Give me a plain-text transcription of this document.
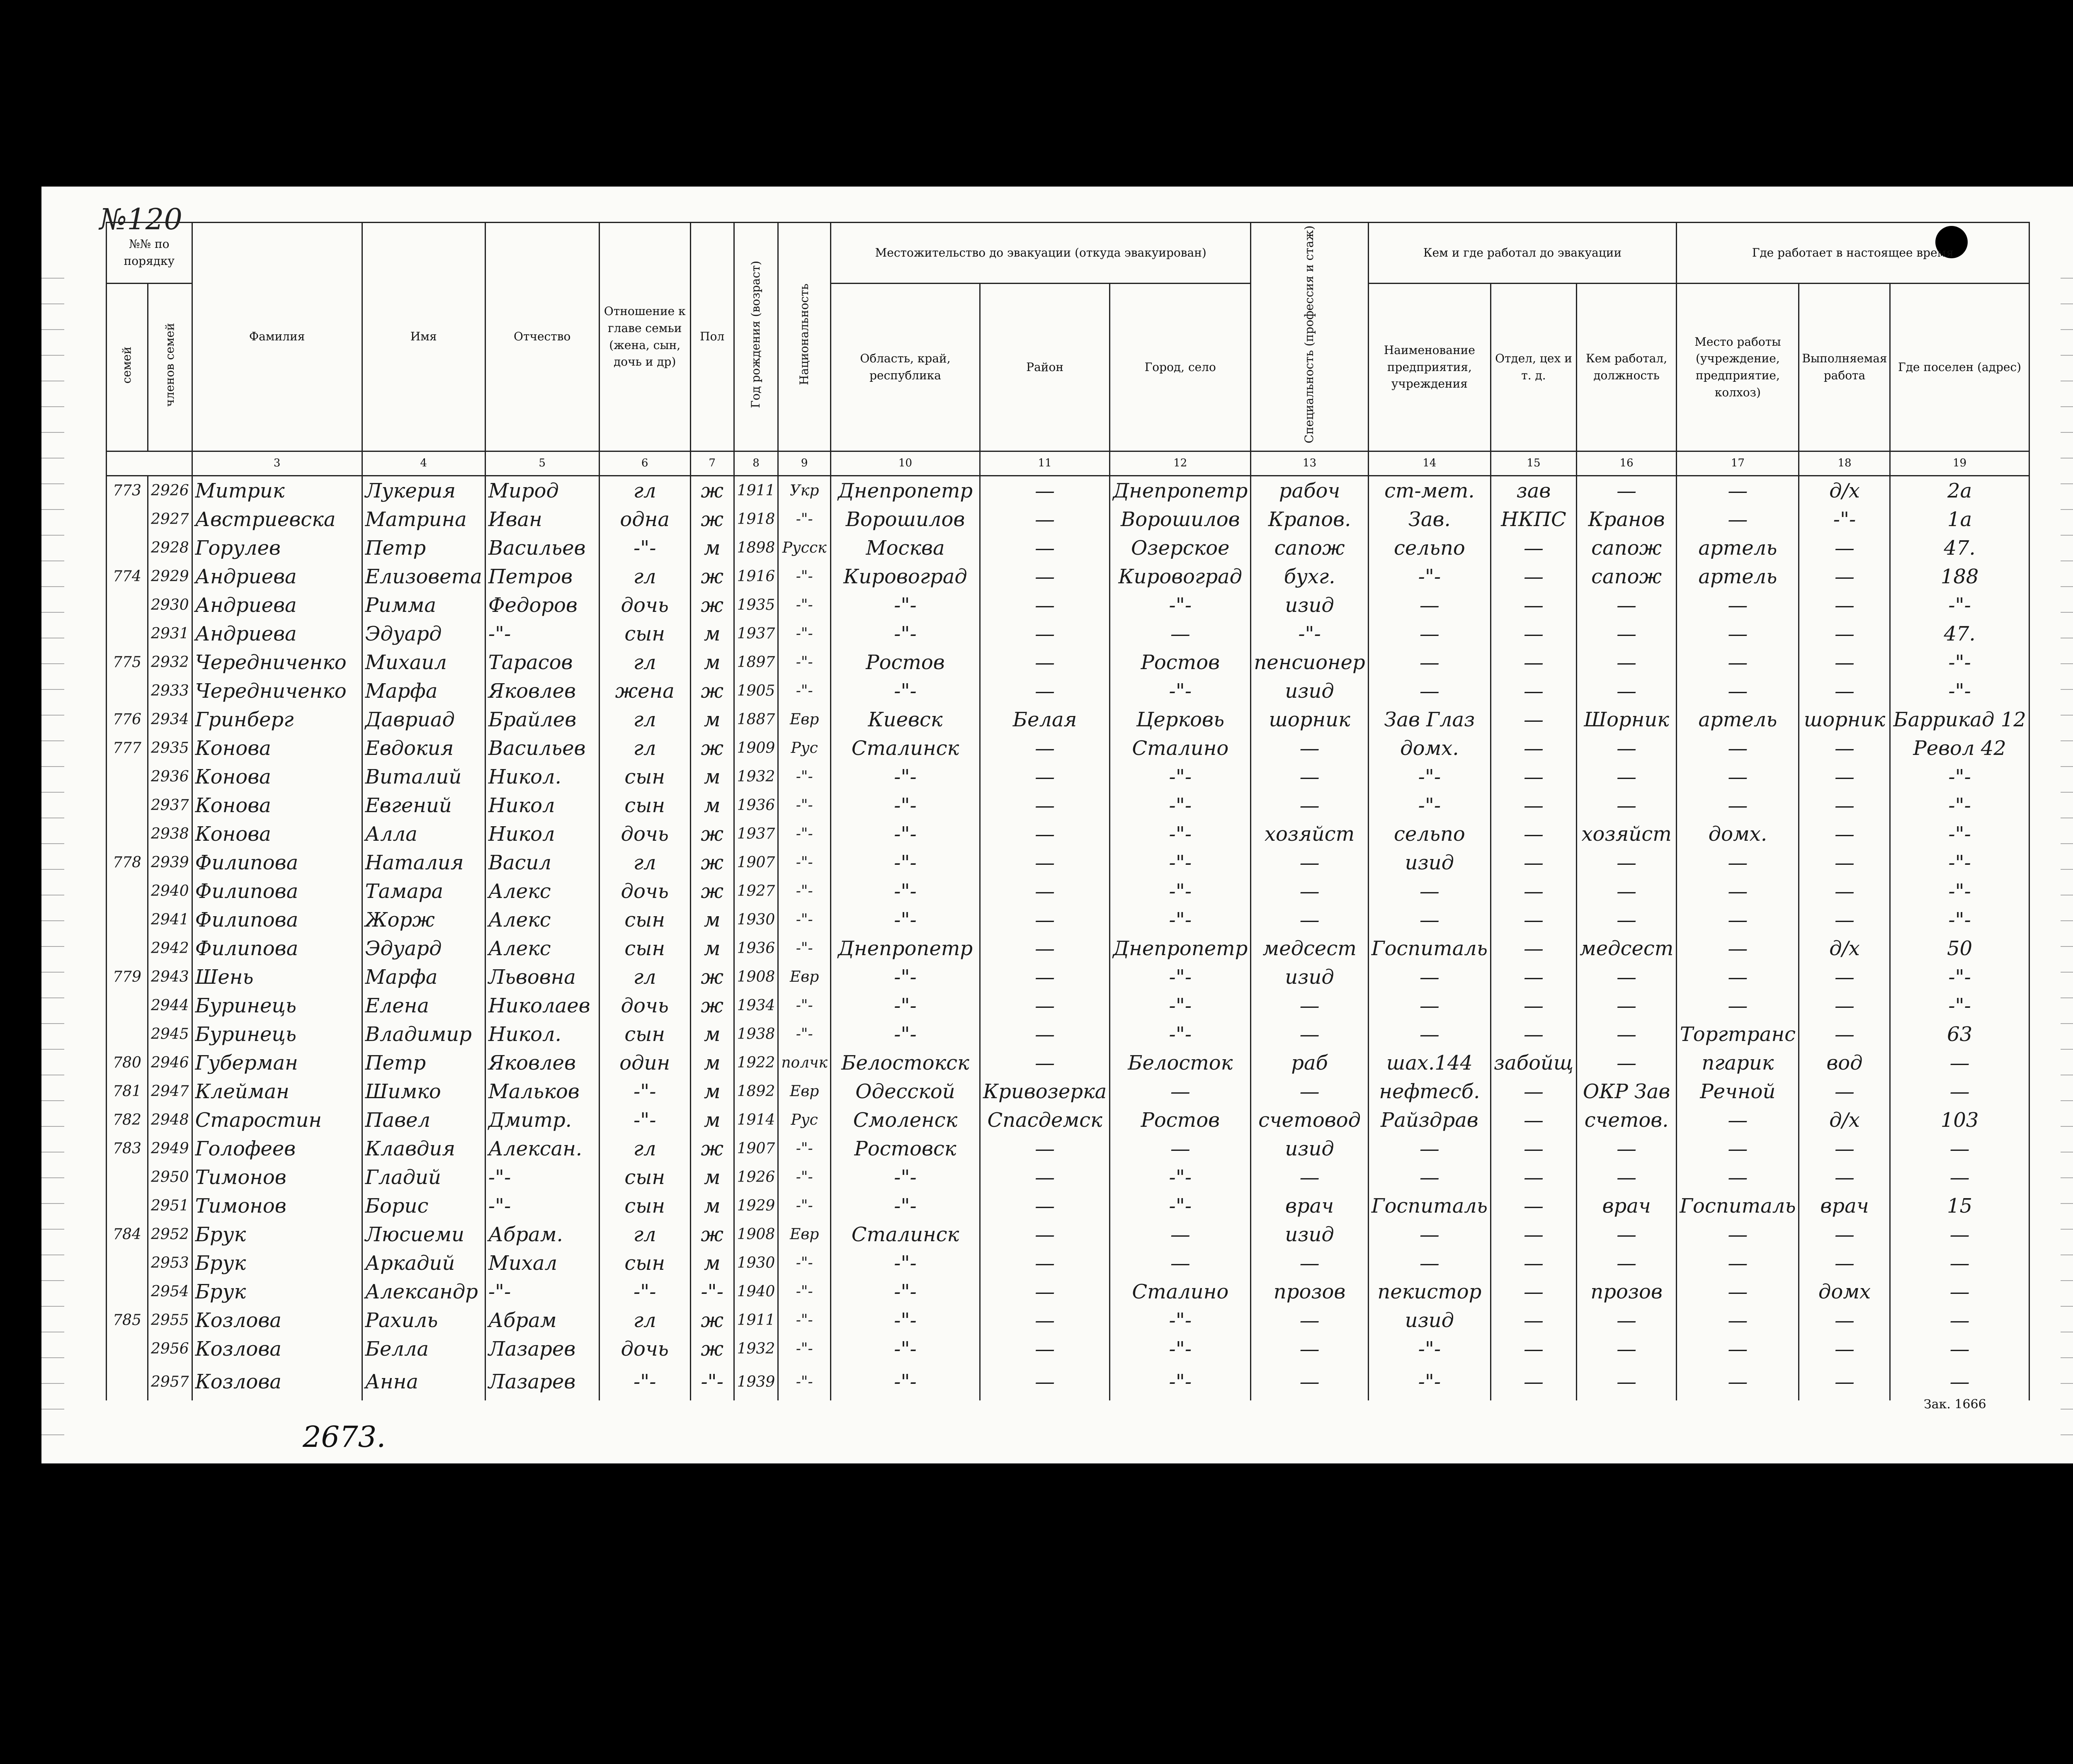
№120
№№ по порядку		Фамилия	Имя	Отчество	Отношение к главе семьи (жена, сын, дочь и др)	Пол	Год рождения (возраст)	Национальность	Местожительство до эвакуации (откуда эвакуирован)			Специальность (профессия и стаж)	Кем и где работал до эвакуации			Где работает в настоящее время		
семей	членов семей								Область, край, республика	Район	Город, село		Наименование предприятия, учреждения	Отдел, цех и т. д.	Кем работал, должность	Место работы (учреждение, предприятие, колхоз)	Выполняемая работа	Где поселен (адрес)
		3	4	5	6	7	8	9	10	11	12	13	14	15	16	17	18	19
773	2926	Митрик	Лукерия	Мирод	гл	ж	1911	Укр	Днепропетр	—	Днепропетр	рабоч	ст-мет.	зав	—	—	д/х	2а
	2927	Австриевска	Матрина	Иван	одна	ж	1918	-"-	Ворошилов	—	Ворошилов	Крапов.	Зав.	НКПС	Кранов	—	-"-	1а
	2928	Горулев	Петр	Васильев	-"-	м	1898	Русск	Москва	—	Озерское	сапож	сельпо	—	сапож	артель	—	47.
774	2929	Андриева	Елизовета	Петров	гл	ж	1916	-"-	Кировоград	—	Кировоград	бухг.	-"-	—	сапож	артель	—	188
	2930	Андриева	Римма	Федоров	дочь	ж	1935	-"-	-"-	—	-"-	изид	—	—	—	—	—	-"-
	2931	Андриева	Эдуард	-"-	сын	м	1937	-"-	-"-	—	—	-"-	—	—	—	—	—	47.
775	2932	Чередниченко	Михаил	Тарасов	гл	м	1897	-"-	Ростов	—	Ростов	пенсионер	—	—	—	—	—	-"-
	2933	Чередниченко	Марфа	Яковлев	жена	ж	1905	-"-	-"-	—	-"-	изид	—	—	—	—	—	-"-
776	2934	Гринберг	Давриад	Брайлев	гл	м	1887	Евр	Киевск	Белая	Церковь	шорник	Зав Глаз	—	Шорник	артель	шорник	Баррикад 12
777	2935	Конова	Евдокия	Васильев	гл	ж	1909	Рус	Сталинск	—	Сталино	—	домх.	—	—	—	—	Револ 42
	2936	Конова	Виталий	Никол.	сын	м	1932	-"-	-"-	—	-"-	—	-"-	—	—	—	—	-"-
	2937	Конова	Евгений	Никол	сын	м	1936	-"-	-"-	—	-"-	—	-"-	—	—	—	—	-"-
	2938	Конова	Алла	Никол	дочь	ж	1937	-"-	-"-	—	-"-	хозяйст	сельпо	—	хозяйст	домх.	—	-"-
778	2939	Филипова	Наталия	Васил	гл	ж	1907	-"-	-"-	—	-"-	—	изид	—	—	—	—	-"-
	2940	Филипова	Тамара	Алекс	дочь	ж	1927	-"-	-"-	—	-"-	—	—	—	—	—	—	-"-
	2941	Филипова	Жорж	Алекс	сын	м	1930	-"-	-"-	—	-"-	—	—	—	—	—	—	-"-
	2942	Филипова	Эдуард	Алекс	сын	м	1936	-"-	Днепропетр	—	Днепропетр	медсест	Госпиталь	—	медсест	—	д/х	50
779	2943	Шень	Марфа	Львовна	гл	ж	1908	Евр	-"-	—	-"-	изид	—	—	—	—	—	-"-
	2944	Буринець	Елена	Николаев	дочь	ж	1934	-"-	-"-	—	-"-	—	—	—	—	—	—	-"-
	2945	Буринець	Владимир	Никол.	сын	м	1938	-"-	-"-	—	-"-	—	—	—	—	Торгтранс	—	63
780	2946	Губерман	Петр	Яковлев	один	м	1922	полчк	Белостокск	—	Белосток	раб	шах.144	забойщ	—	пгарик	вод	—
781	2947	Клейман	Шимко	Мальков	-"-	м	1892	Евр	Одесской	Кривозерка	—	—	нефтесб.	—	ОКР Зав	Речной	—	—
782	2948	Старостин	Павел	Дмитр.	-"-	м	1914	Рус	Смоленск	Спасдемск	Ростов	счетовод	Райздрав	—	счетов.	—	д/х	103
783	2949	Голофеев	Клавдия	Алексан.	гл	ж	1907	-"-	Ростовск	—	—	изид	—	—	—	—	—	—
	2950	Тимонов	Гладий	-"-	сын	м	1926	-"-	-"-	—	-"-	—	—	—	—	—	—	—
	2951	Тимонов	Борис	-"-	сын	м	1929	-"-	-"-	—	-"-	врач	Госпиталь	—	врач	Госпиталь	врач	15
784	2952	Брук	Люсиеми	Абрам.	гл	ж	1908	Евр	Сталинск	—	—	изид	—	—	—	—	—	—
	2953	Брук	Аркадий	Михал	сын	м	1930	-"-	-"-	—	—	—	—	—	—	—	—	—
	2954	Брук	Александр	-"-	-"-	-"-	1940	-"-	-"-	—	Сталино	прозов	пекистор	—	прозов	—	домх	—
785	2955	Козлова	Рахиль	Абрам	гл	ж	1911	-"-	-"-	—	-"-	—	изид	—	—	—	—	—
	2956	Козлова	Белла	Лазарев	дочь	ж	1932	-"-	-"-	—	-"-	—	-"-	—	—	—	—	—
	2957	Козлова	Анна	Лазарев	-"-	-"-	1939	-"-	-"-	—	-"-	—	-"-	—	—	—	—	—
2673.
Зак. 1666
